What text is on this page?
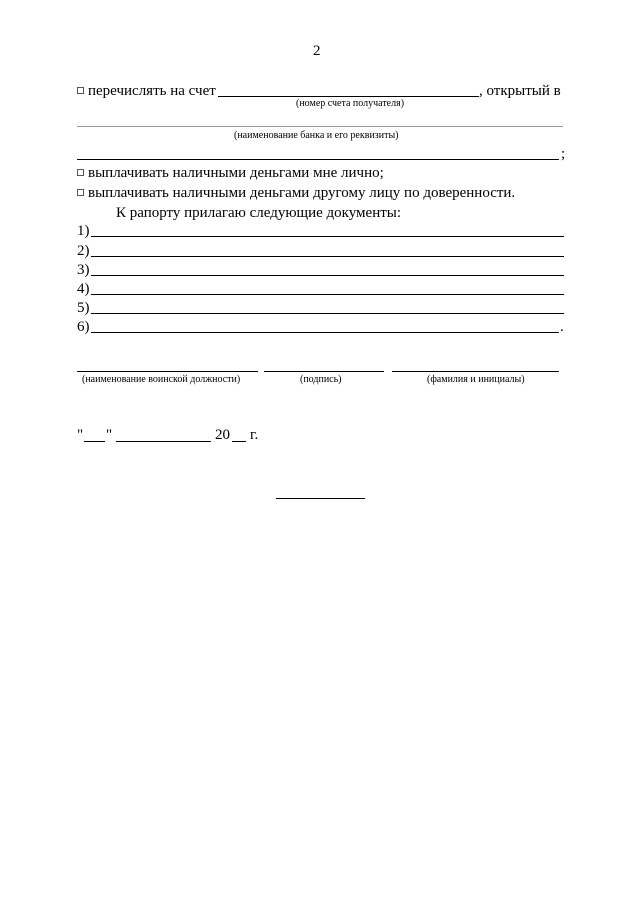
2
перечислять на счет	, открытый в
(номер счета получателя)
(наименование банка и его реквизиты)
;
выплачивать наличными деньгами мне лично;
выплачивать наличными деньгами другому лицу по доверенности.
К рапорту прилагаю следующие документы:
1)
2)
3)
4)
5)
6)	.
(наименование воинской должности)	(подпись)	(фамилия и инициалы)
" "	20 г.
